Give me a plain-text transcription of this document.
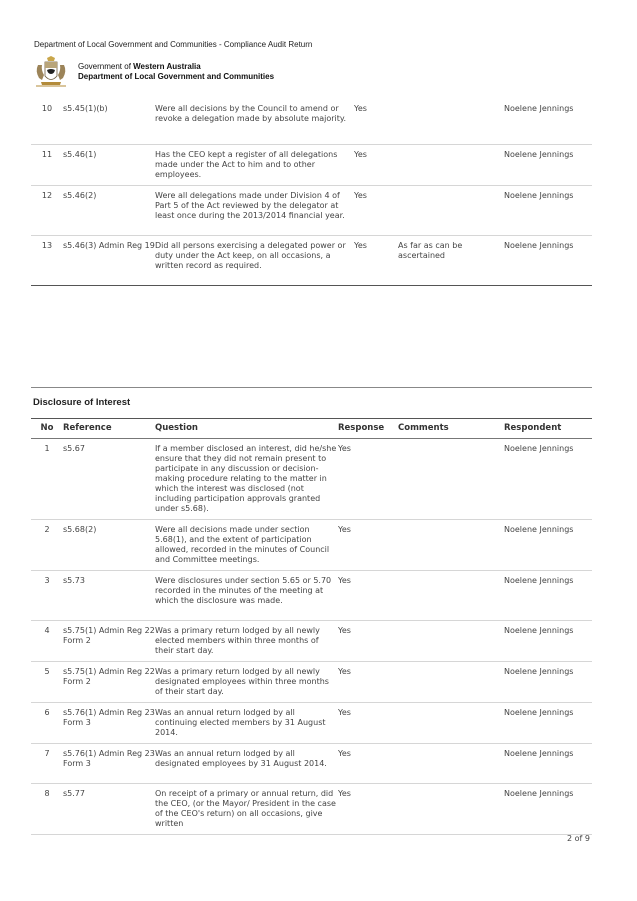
Department of Local Government and Communities - Compliance Audit Return
Government of Western Australia
Department of Local Government and Communities
10	s5.45(1)(b)	Were all decisions by the Council to amend or revoke a delegation made by absolute majority.	Yes		Noelene Jennings
11	s5.46(1)	Has the CEO kept a register of all delegations made under the Act to him and to other employees.	Yes		Noelene Jennings
12	s5.46(2)	Were all delegations made under Division 4 of Part 5 of the Act reviewed by the delegator at least once during the 2013/2014 financial year.	Yes		Noelene Jennings
13	s5.46(3) Admin Reg 19	Did all persons exercising a delegated power or duty under the Act keep, on all occasions, a written record as required.	Yes	As far as can be ascertained	Noelene Jennings
Disclosure of Interest
No	Reference	Question	Response	Comments	Respondent
1	s5.67	If a member disclosed an interest, did he/she ensure that they did not remain present to participate in any discussion or decision-making procedure relating to the matter in which the interest was disclosed (not including participation approvals granted under s5.68).	Yes		Noelene Jennings
2	s5.68(2)	Were all decisions made under section 5.68(1), and the extent of participation allowed, recorded in the minutes of Council and Committee meetings.	Yes		Noelene Jennings
3	s5.73	Were disclosures under section 5.65 or 5.70 recorded in the minutes of the meeting at which the disclosure was made.	Yes		Noelene Jennings
4	s5.75(1) Admin Reg 22 Form 2	Was a primary return lodged by all newly elected members within three months of their start day.	Yes		Noelene Jennings
5	s5.75(1) Admin Reg 22 Form 2	Was a primary return lodged by all newly designated employees within three months of their start day.	Yes		Noelene Jennings
6	s5.76(1) Admin Reg 23 Form 3	Was an annual return lodged by all continuing elected members by 31 August 2014.	Yes		Noelene Jennings
7	s5.76(1) Admin Reg 23 Form 3	Was an annual return lodged by all designated employees by 31 August 2014.	Yes		Noelene Jennings
8	s5.77	On receipt of a primary or annual return, did the CEO, (or the Mayor/ President in the case of the CEO's return) on all occasions, give written	Yes		Noelene Jennings
2 of 9
